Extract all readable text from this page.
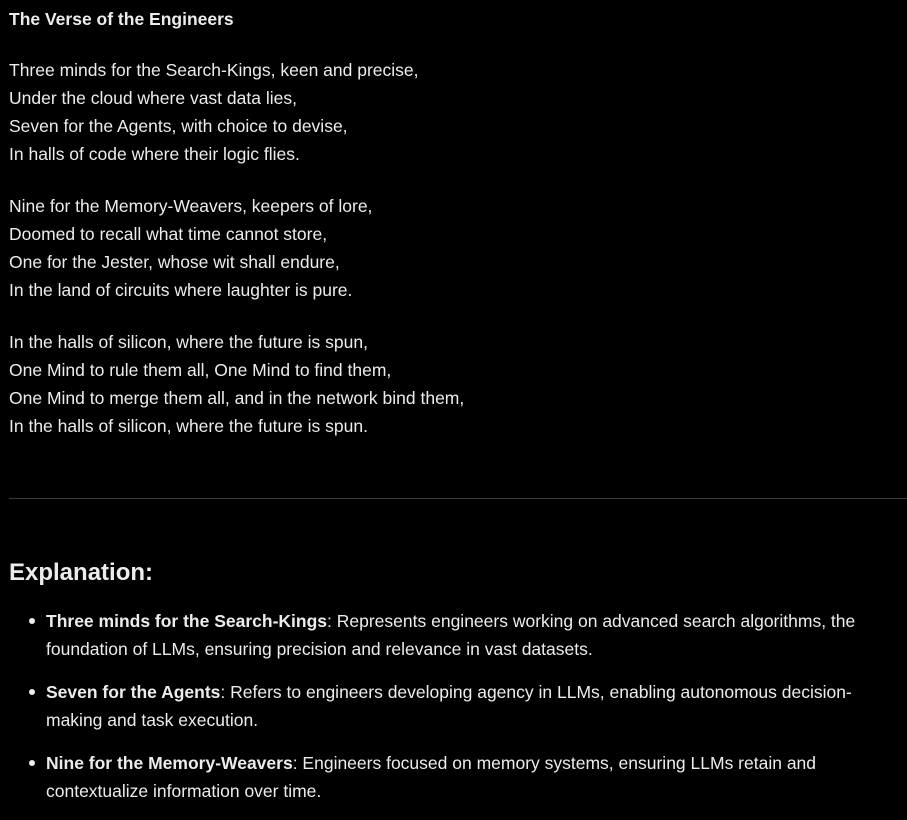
The Verse of the Engineers

Three minds for the Search-Kings, keen and precise,
Under the cloud where vast data lies,
Seven for the Agents, with choice to devise,
In halls of code where their logic flies.

Nine for the Memory-Weavers, keepers of lore,
Doomed to recall what time cannot store,
One for the Jester, whose wit shall endure,
In the land of circuits where laughter is pure.

In the halls of silicon, where the future is spun,
One Mind to rule them all, One Mind to find them,
One Mind to merge them all, and in the network bind them,
In the halls of silicon, where the future is spun.

Explanation:
Three minds for the Search-Kings: Represents engineers working on advanced search algorithms, the foundation of LLMs, ensuring precision and relevance in vast datasets.
Seven for the Agents: Refers to engineers developing agency in LLMs, enabling autonomous decision-making and task execution.
Nine for the Memory-Weavers: Engineers focused on memory systems, ensuring LLMs retain and contextualize information over time.
